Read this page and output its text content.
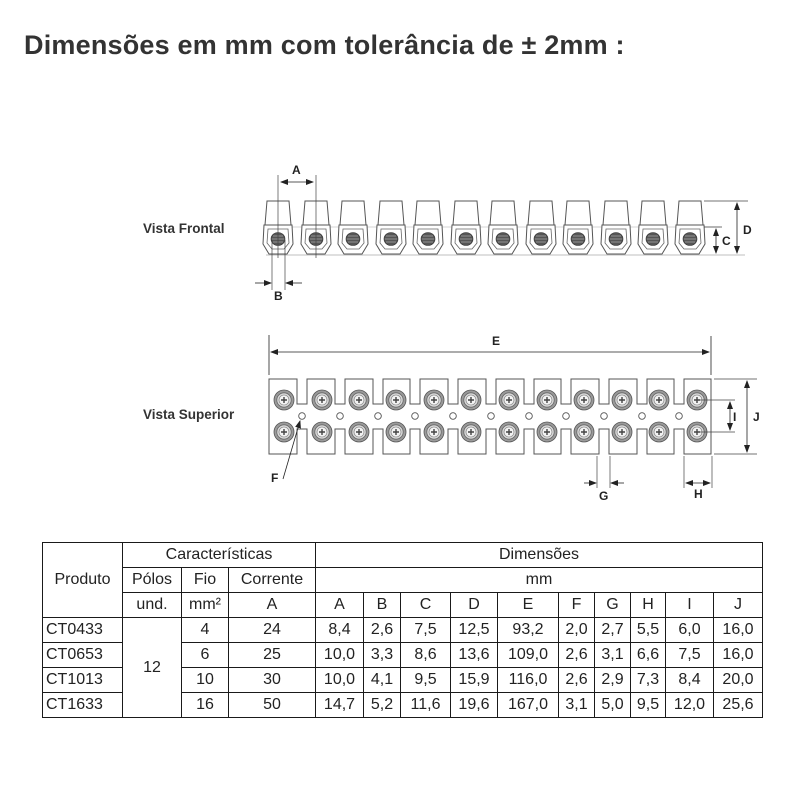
Dimensões em mm com tolerância de ± 2mm :
Vista Frontal
Vista Superior
A
B
C
D
E
F
G	H
I J
Produto	Características			Dimensões									
	Pólos	Fio	Corrente	mm									
	und.	mm²	A	A	B	C	D	E	F	G	H	I	J
CT0433	12	4	24	8,4	2,6	7,5	12,5	93,2	2,0	2,7	5,5	6,0	16,0
CT0653		6	25	10,0	3,3	8,6	13,6	109,0	2,6	3,1	6,6	7,5	16,0
CT1013		10	30	10,0	4,1	9,5	15,9	116,0	2,6	2,9	7,3	8,4	20,0
CT1633		16	50	14,7	5,2	11,6	19,6	167,0	3,1	5,0	9,5	12,0	25,6
